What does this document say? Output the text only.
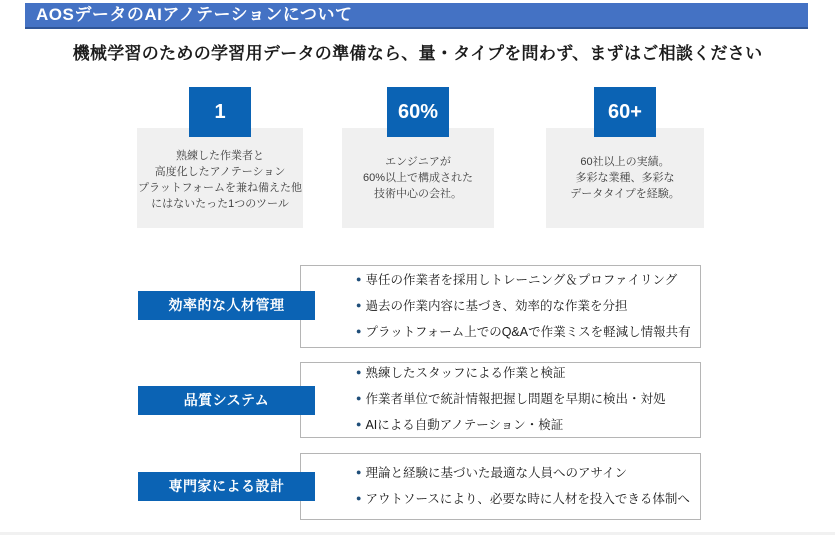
AOSデータのAIアノテーションについて
機械学習のための学習用データの準備なら、量・タイプを問わず、まずはご相談ください
1	60%	60+
熟練した作業者と
高度化したアノテーション
プラットフォームを兼ね備えた他
にはないたった1つのツール
エンジニアが
60%以上で構成された
技術中心の会社。
60社以上の実績。
多彩な業種、多彩な
データタイプを経験。
効率的な人材管理
● 専任の作業者を採用しトレーニング＆プロファイリング
● 過去の作業内容に基づき、効率的な作業を分担
● プラットフォーム上でのQ&Aで作業ミスを軽減し情報共有
品質システム
● 熟練したスタッフによる作業と検証
● 作業者単位で統計情報把握し問題を早期に検出・対処
● AIによる自動アノテーション・検証
専門家による設計
● 理論と経験に基づいた最適な人員へのアサイン
● アウトソースにより、必要な時に人材を投入できる体制へ
